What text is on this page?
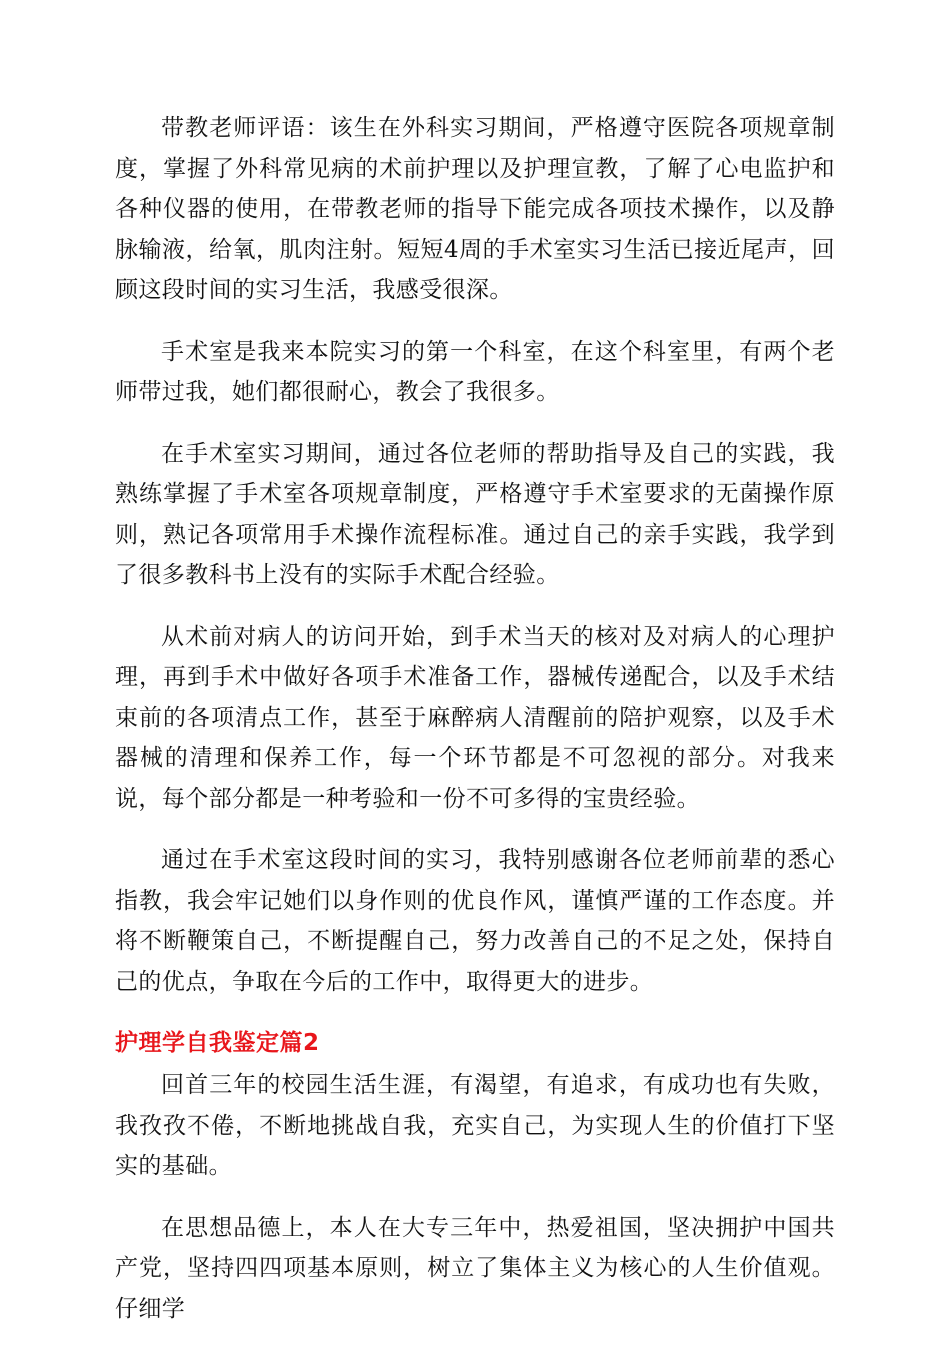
带教老师评语：该生在外科实习期间，严格遵守医院各项规章制度，掌握了外科常见病的术前护理以及护理宣教，了解了心电监护和各种仪器的使用，在带教老师的指导下能完成各项技术操作，以及静脉输液，给氧，肌肉注射。短短4周的手术室实习生活已接近尾声，回顾这段时间的实习生活，我感受很深。

手术室是我来本院实习的第一个科室，在这个科室里，有两个老师带过我，她们都很耐心，教会了我很多。

在手术室实习期间，通过各位老师的帮助指导及自己的实践，我熟练掌握了手术室各项规章制度，严格遵守手术室要求的无菌操作原则，熟记各项常用手术操作流程标准。通过自己的亲手实践，我学到了很多教科书上没有的实际手术配合经验。

从术前对病人的访问开始，到手术当天的核对及对病人的心理护理，再到手术中做好各项手术准备工作，器械传递配合，以及手术结束前的各项清点工作，甚至于麻醉病人清醒前的陪护观察，以及手术器械的清理和保养工作，每一个环节都是不可忽视的部分。对我来说，每个部分都是一种考验和一份不可多得的宝贵经验。

通过在手术室这段时间的实习，我特别感谢各位老师前辈的悉心指教，我会牢记她们以身作则的优良作风，谨慎严谨的工作态度。并将不断鞭策自己，不断提醒自己，努力改善自己的不足之处，保持自己的优点，争取在今后的工作中，取得更大的进步。

护理学自我鉴定篇2

回首三年的校园生活生涯，有渴望，有追求，有成功也有失败，我孜孜不倦，不断地挑战自我，充实自己，为实现人生的价值打下坚实的基础。

在思想品德上，本人在大专三年中，热爱祖国，坚决拥护中国共产党，坚持四四项基本原则，树立了集体主义为核心的人生价值观。仔细学
